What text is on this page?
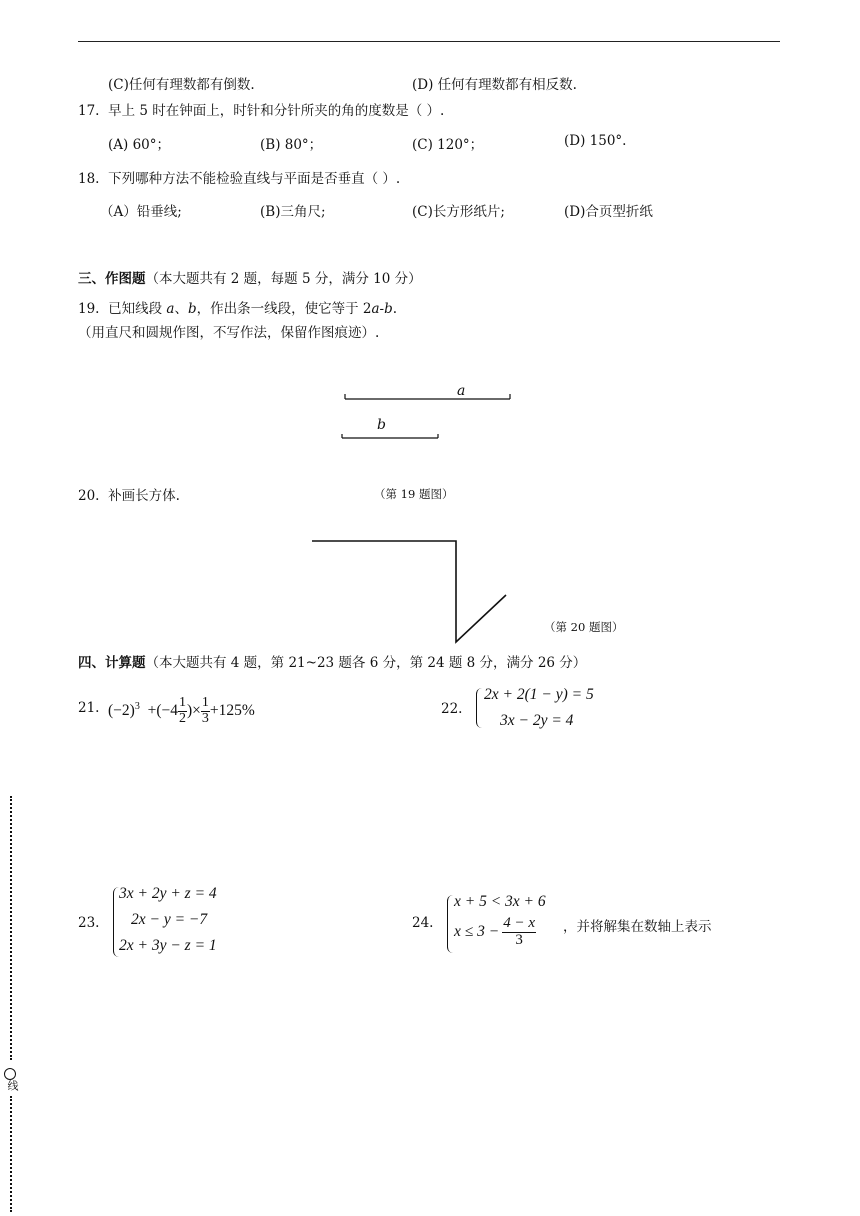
(C)任何有理数都有倒数.	(D) 任何有理数都有相反数.
17. 早上 5 时在钟面上，时针和分针所夹的角的度数是（ ）.
(A) 60°；	(B) 80°；	(C) 120°；	(D) 150°.
18. 下列哪种方法不能检验直线与平面是否垂直（ ）.
（A）铅垂线;	(B)三角尺;	(C)长方形纸片;	(D)合页型折纸
三、作图题（本大题共有 2 题，每题 5 分，满分 10 分）
19. 已知线段 a、b，作出条一线段，使它等于 2a-b.
（用直尺和圆规作图，不写作法，保留作图痕迹）.
a
b
（第 19 题图）
20. 补画长方体.
（第 20 题图）
四、计算题（本大题共有 4 题，第 21~23 题各 6 分，第 24 题 8 分，满分 26 分）
21. $(-2)^3 +(-4 \frac{1}{2}$ )× $\frac{1}{3} +125\%$	22.
2x + 2(1 − y) = 5
3x − 2y = 4
23.
3x + 2y + z = 4
2x − y = −7
2x + 3y − z = 1
24.
x + 5 < 3x + 6
$x \le 3 - \frac{4 - x}{3}$ ，并将解集在数轴上表示
线
